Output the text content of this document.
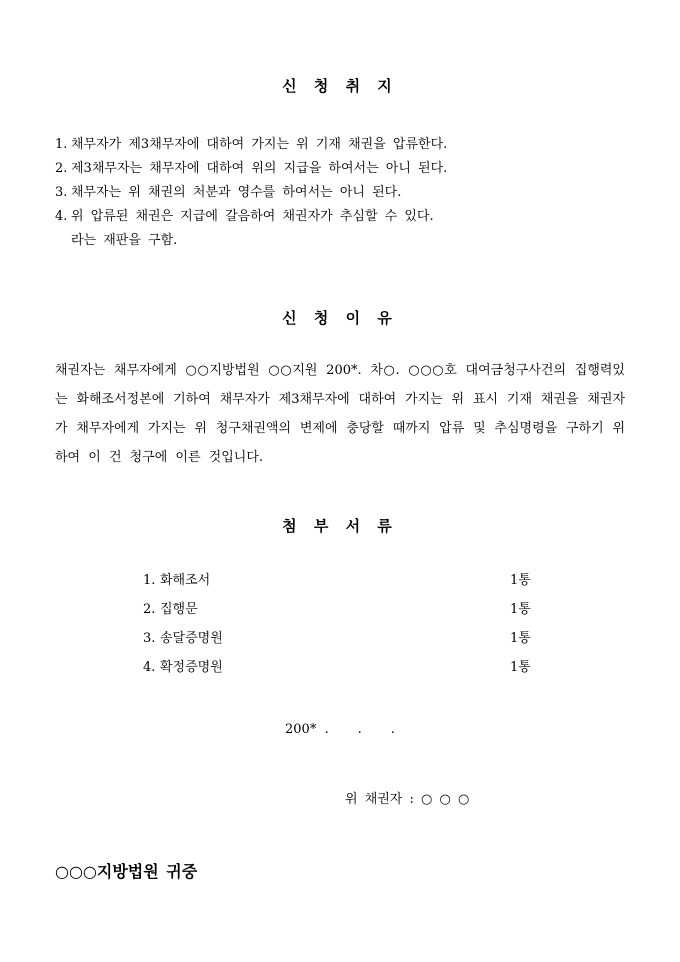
신 청 취 지
1. 채무자가 제3채무자에 대하여 가지는 위 기재 채권을 압류한다.
2. 제3채무자는 채무자에 대하여 위의 지급을 하여서는 아니 된다.
3. 채무자는 위 채권의 처분과 영수를 하여서는 아니 된다.
4. 위 압류된 채권은 지급에 갈음하여 채권자가 추심할 수 있다.
라는 재판을 구함.
신 청 이 유
채권자는 채무자에게 ○○지방법원 ○○지원 200*. 차○. ○○○호 대여금청구사건의 집행력있는 화해조서정본에 기하여 채무자가 제3채무자에 대하여 가지는 위 표시 기재 채권을 채권자가 채무자에게 가지는 위 청구채권액의 변제에 충당할 때까지 압류 및 추심명령을 구하기 위하여 이 건 청구에 이른 것입니다.
첨 부 서 류
1. 화해조서	1통
2. 집행문	1통
3. 송달증명원	1통
4. 확정증명원	1통
200*  .       .       .
위 채권자 : ○ ○ ○
○○○지방법원 귀중
